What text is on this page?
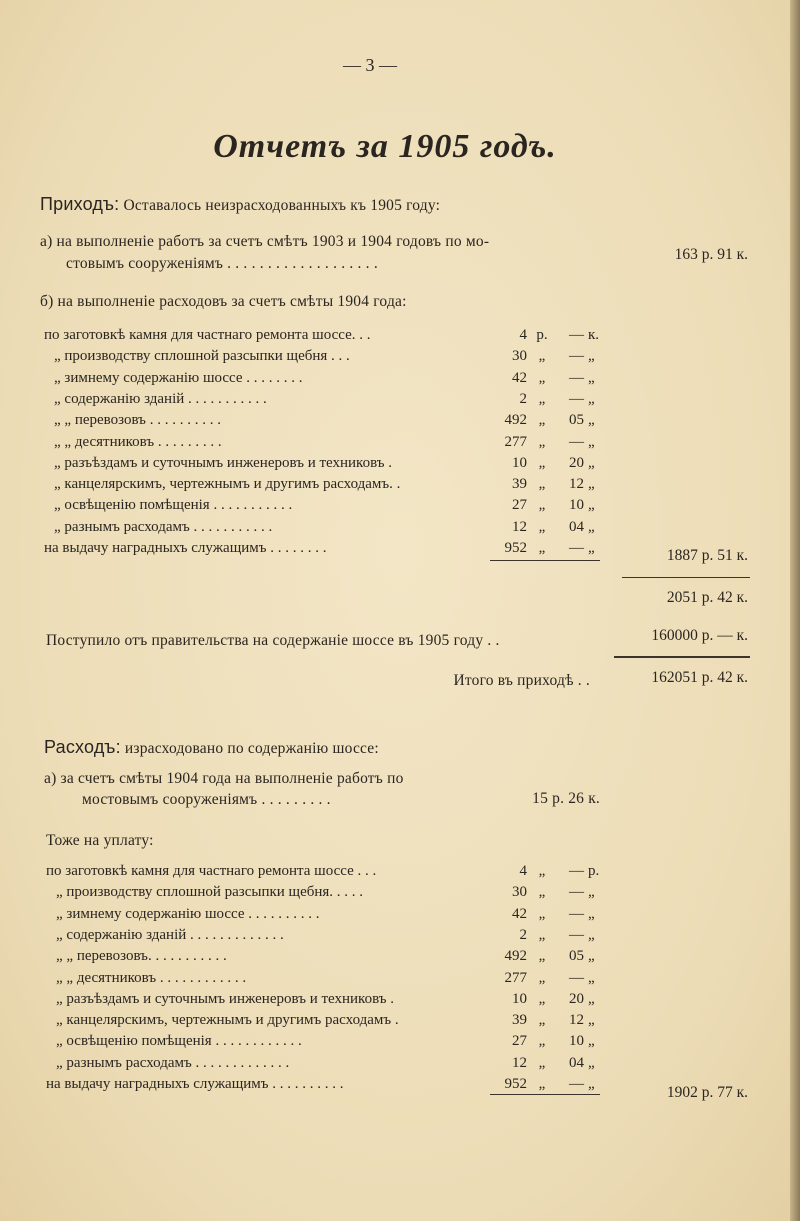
— 3 —
Отчетъ за 1905 годъ.
Приходъ: Оставалось неизрасходованныхъ къ 1905 году:
а) на выполненіе работъ за счетъ смѣтъ 1903 и 1904 годовъ по мо-
стовымъ сооруженіямъ . . . . . . . . . . . . . . . . . . .
163 р. 91 к.
б) на выполненіе расходовъ за счетъ смѣты 1904 года:
по заготовкѣ камня для частнаго ремонта шоссе. . .	4 р.	— к.
„ производству сплошной разсыпки щебня . . .	30 „	— „
„ зимнему содержанію шоссе . . . . . . . .	42 „	— „
„ содержанію зданій . . . . . . . . . . .	2 „	— „
„ „ перевозовъ . . . . . . . . . .	492 „	05 „
„ „ десятниковъ . . . . . . . . .	277 „	— „
„ разъѣздамъ и суточнымъ инженеровъ и техниковъ .	10 „	20 „
„ канцелярскимъ, чертежнымъ и другимъ расходамъ. .	39 „	12 „
„ освѣщенію помѣщенія . . . . . . . . . . .	27 „	10 „
„ разнымъ расходамъ . . . . . . . . . . .	12 „	04 „
на выдачу наградныхъ служащимъ . . . . . . . .	952 „	— „	1887 р. 51 к.
2051 р. 42 к.
Поступило отъ правительства на содержаніе шоссе въ 1905 году . .	160000 р. — к.
Итого въ приходѣ . .	162051 р. 42 к.
Расходъ: израсходовано по содержанію шоссе:
а) за счетъ смѣты 1904 года на выполненіе работъ по
мостовымъ сооруженіямъ . . . . . . . . .	15 р. 26 к.
Тоже на уплату:
по заготовкѣ камня для частнаго ремонта шоссе . . .	4 „	— р.
„ производству сплошной разсыпки щебня. . . . .	30 „	— „
„ зимнему содержанію шоссе . . . . . . . . . .	42 „	— „
„ содержанію зданій . . . . . . . . . . . . .	2 „	— „
„ „ перевозовъ. . . . . . . . . . .	492 „	05 „
„ „ десятниковъ . . . . . . . . . . . .	277 „	— „
„ разъѣздамъ и суточнымъ инженеровъ и техниковъ .	10 „	20 „
„ канцелярскимъ, чертежнымъ и другимъ расходамъ .	39 „	12 „
„ освѣщенію помѣщенія . . . . . . . . . . . .	27 „	10 „
„ разнымъ расходамъ . . . . . . . . . . . . .	12 „	04 „
на выдачу наградныхъ служащимъ . . . . . . . . . .	952 „	— „	1902 р. 77 к.
